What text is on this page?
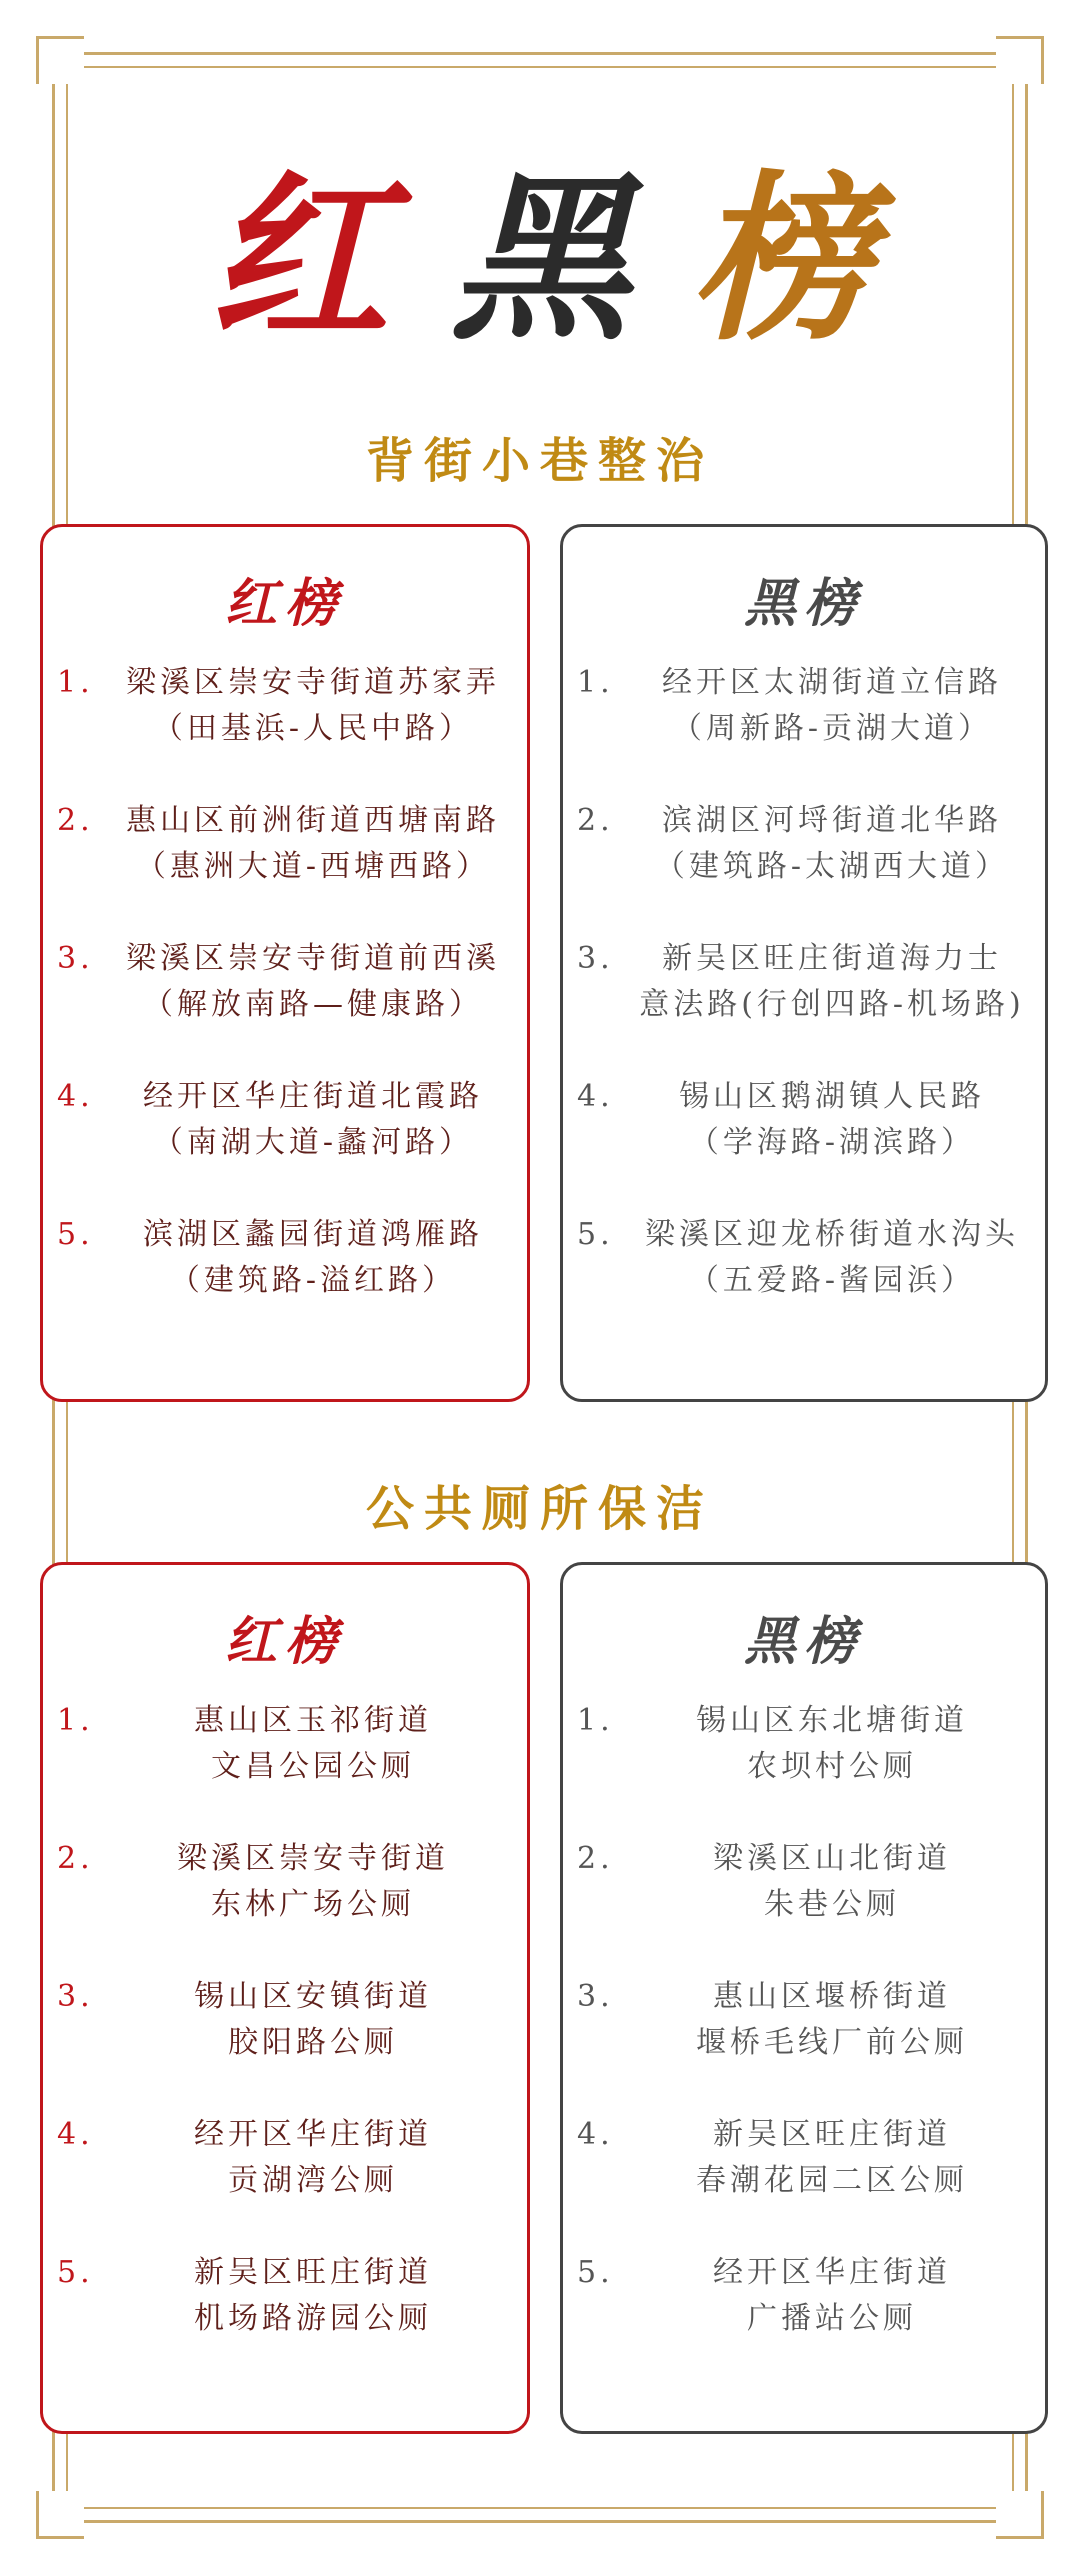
红 黑 榜
背街小巷整治
红榜
1.	梁溪区崇安寺街道苏家弄
（田基浜-人民中路）
2.	惠山区前洲街道西塘南路
（惠洲大道-西塘西路）
3.	梁溪区崇安寺街道前西溪
（解放南路—健康路）
4.	经开区华庄街道北霞路
（南湖大道-蠡河路）
5.	滨湖区蠡园街道鸿雁路
（建筑路-溢红路）
黑榜
1.	经开区太湖街道立信路
（周新路-贡湖大道）
2.	滨湖区河埒街道北华路
（建筑路-太湖西大道）
3.	新吴区旺庄街道海力士
意法路(行创四路-机场路)
4.	锡山区鹅湖镇人民路
（学海路-湖滨路）
5.	梁溪区迎龙桥街道水沟头
（五爱路-酱园浜）
公共厕所保洁
红榜
1.	惠山区玉祁街道
文昌公园公厕
2.	梁溪区崇安寺街道
东林广场公厕
3.	锡山区安镇街道
胶阳路公厕
4.	经开区华庄街道
贡湖湾公厕
5.	新吴区旺庄街道
机场路游园公厕
黑榜
1.	锡山区东北塘街道
农坝村公厕
2.	梁溪区山北街道
朱巷公厕
3.	惠山区堰桥街道
堰桥毛线厂前公厕
4.	新吴区旺庄街道
春潮花园二区公厕
5.	经开区华庄街道
广播站公厕
